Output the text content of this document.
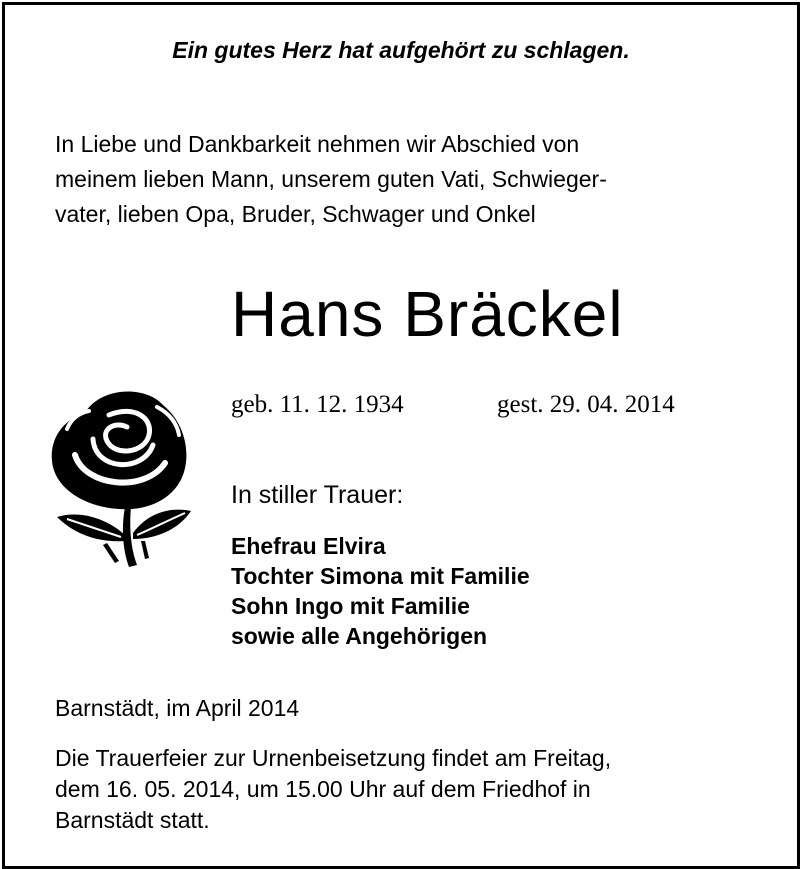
Ein gutes Herz hat aufgehört zu schlagen.

In Liebe und Dankbarkeit nehmen wir Abschied von
meinem lieben Mann, unserem guten Vati, Schwieger-
vater, lieben Opa, Bruder, Schwager und Onkel

Hans Bräckel

geb. 11. 12. 1934	gest. 29. 04. 2014

In stiller Trauer:

Ehefrau Elvira
Tochter Simona mit Familie
Sohn Ingo mit Familie
sowie alle Angehörigen

Barnstädt, im April 2014

Die Trauerfeier zur Urnenbeisetzung findet am Freitag,
dem 16. 05. 2014, um 15.00 Uhr auf dem Friedhof in
Barnstädt statt.
